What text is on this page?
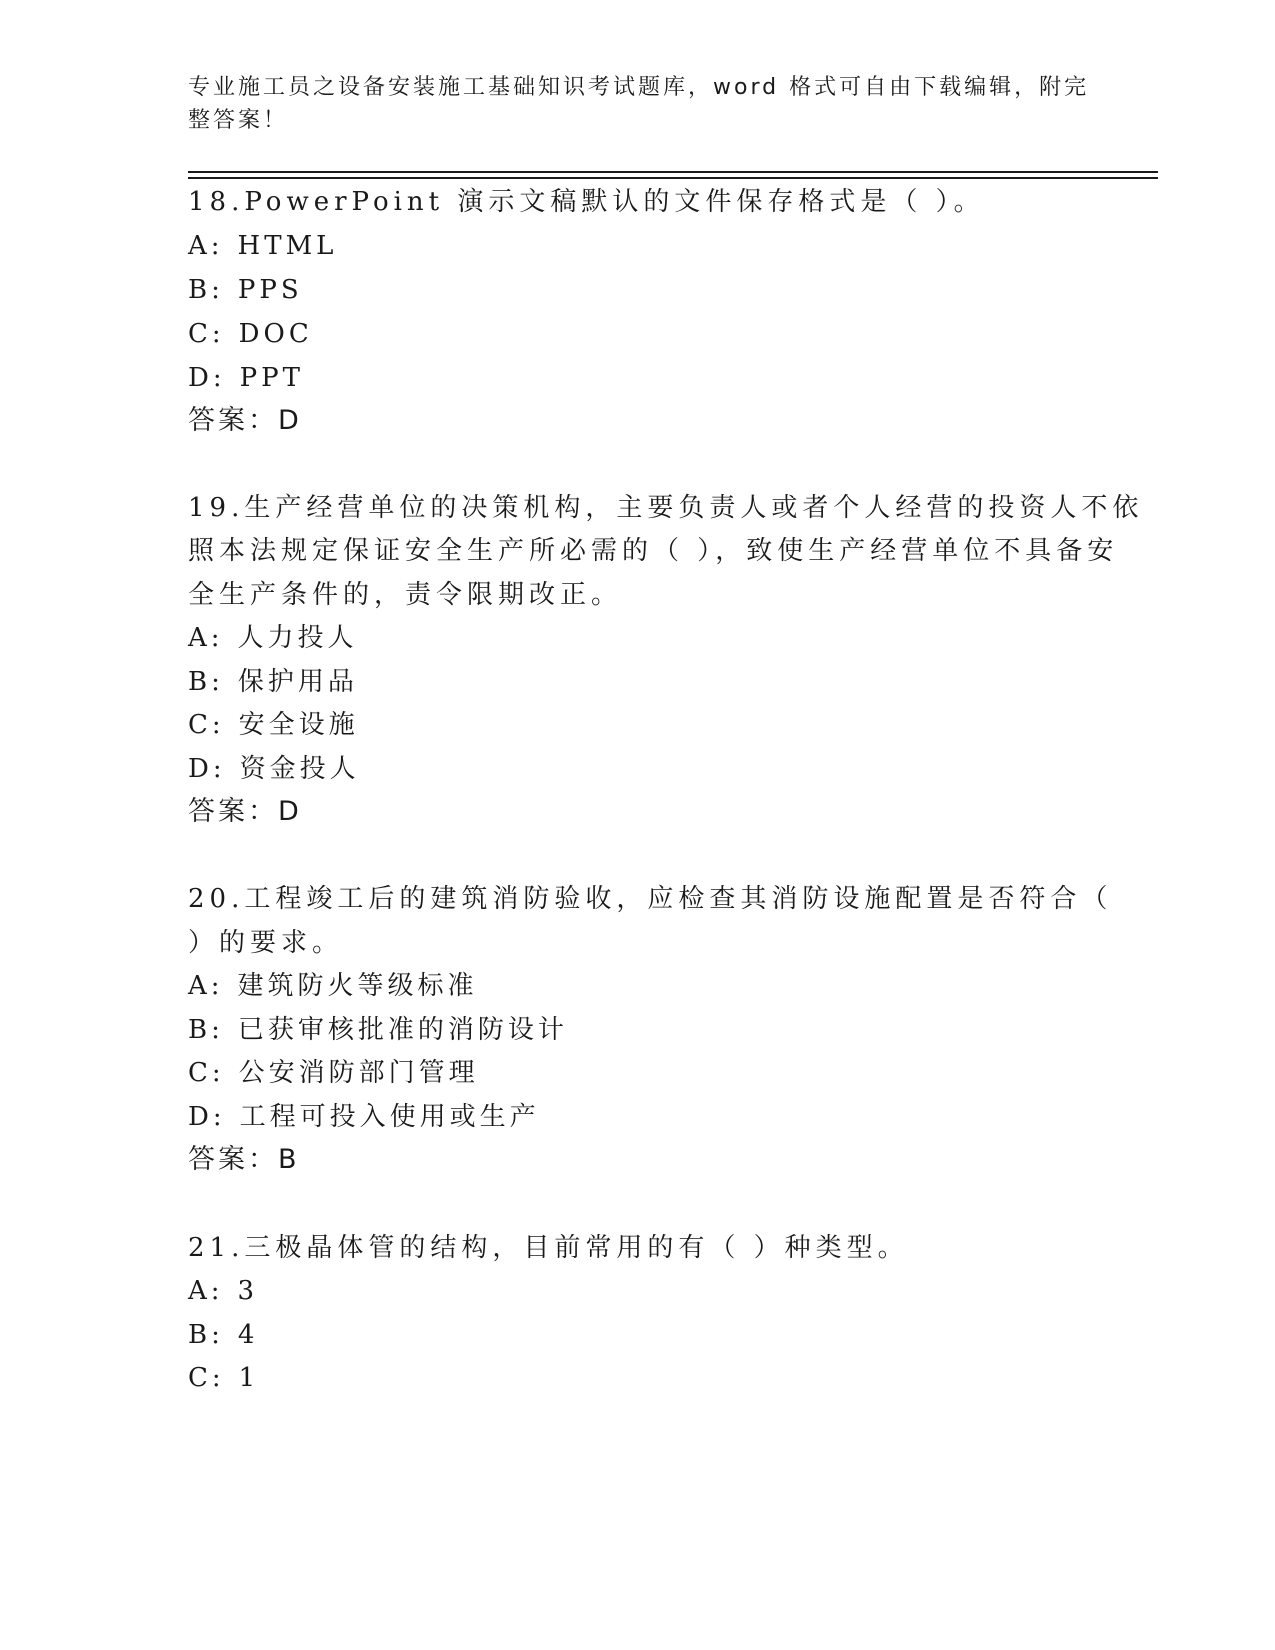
专业施工员之设备安装施工基础知识考试题库，word 格式可自由下载编辑，附完
整答案！
18.PowerPoint 演示文稿默认的文件保存格式是（ ）。
A: HTML
B: PPS
C: DOC
D: PPT
答案：D
19.生产经营单位的决策机构，主要负责人或者个人经营的投资人不依
照本法规定保证安全生产所必需的（ ），致使生产经营单位不具备安
全生产条件的，责令限期改正。
A: 人力投人
B: 保护用品
C: 安全设施
D: 资金投人
答案：D
20.工程竣工后的建筑消防验收，应检查其消防设施配置是否符合（
）的要求。
A: 建筑防火等级标准
B: 已获审核批准的消防设计
C: 公安消防部门管理
D: 工程可投入使用或生产
答案：B
21.三极晶体管的结构，目前常用的有（ ）种类型。
A: 3
B: 4
C: 1
